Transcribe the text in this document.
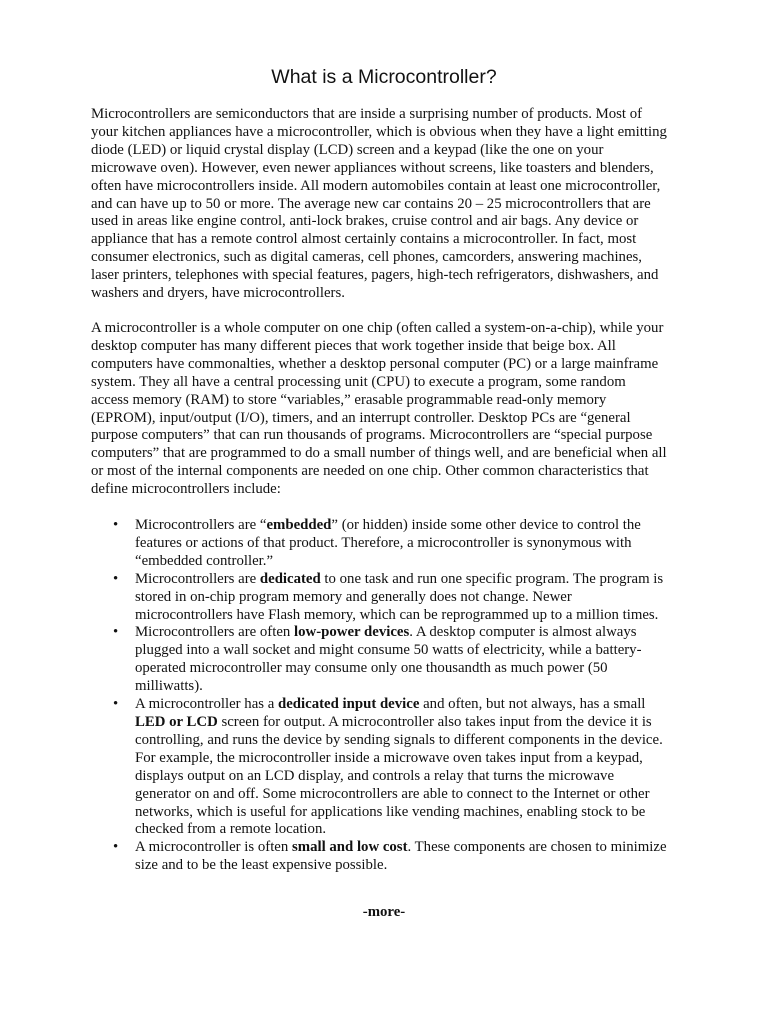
What is a Microcontroller?

Microcontrollers are semiconductors that are inside a surprising number of products. Most of
your kitchen appliances have a microcontroller, which is obvious when they have a light emitting
diode (LED) or liquid crystal display (LCD) screen and a keypad (like the one on your
microwave oven). However, even newer appliances without screens, like toasters and blenders,
often have microcontrollers inside. All modern automobiles contain at least one microcontroller,
and can have up to 50 or more. The average new car contains 20 – 25 microcontrollers that are
used in areas like engine control, anti-lock brakes, cruise control and air bags. Any device or
appliance that has a remote control almost certainly contains a microcontroller. In fact, most
consumer electronics, such as digital cameras, cell phones, camcorders, answering machines,
laser printers, telephones with special features, pagers, high-tech refrigerators, dishwashers, and
washers and dryers, have microcontrollers.

A microcontroller is a whole computer on one chip (often called a system-on-a-chip), while your
desktop computer has many different pieces that work together inside that beige box. All
computers have commonalties, whether a desktop personal computer (PC) or a large mainframe
system. They all have a central processing unit (CPU) to execute a program, some random
access memory (RAM) to store “variables,” erasable programmable read-only memory
(EPROM), input/output (I/O), timers, and an interrupt controller. Desktop PCs are “general
purpose computers” that can run thousands of programs. Microcontrollers are “special purpose
computers” that are programmed to do a small number of things well, and are beneficial when all
or most of the internal components are needed on one chip. Other common characteristics that
define microcontrollers include:

• Microcontrollers are “embedded” (or hidden) inside some other device to control the
features or actions of that product. Therefore, a microcontroller is synonymous with
“embedded controller.”
• Microcontrollers are dedicated to one task and run one specific program. The program is
stored in on-chip program memory and generally does not change. Newer
microcontrollers have Flash memory, which can be reprogrammed up to a million times.
• Microcontrollers are often low-power devices. A desktop computer is almost always
plugged into a wall socket and might consume 50 watts of electricity, while a battery-
operated microcontroller may consume only one thousandth as much power (50
milliwatts).
• A microcontroller has a dedicated input device and often, but not always, has a small
LED or LCD screen for output. A microcontroller also takes input from the device it is
controlling, and runs the device by sending signals to different components in the device.
For example, the microcontroller inside a microwave oven takes input from a keypad,
displays output on an LCD display, and controls a relay that turns the microwave
generator on and off. Some microcontrollers are able to connect to the Internet or other
networks, which is useful for applications like vending machines, enabling stock to be
checked from a remote location.
• A microcontroller is often small and low cost. These components are chosen to minimize
size and to be the least expensive possible.
-more-
